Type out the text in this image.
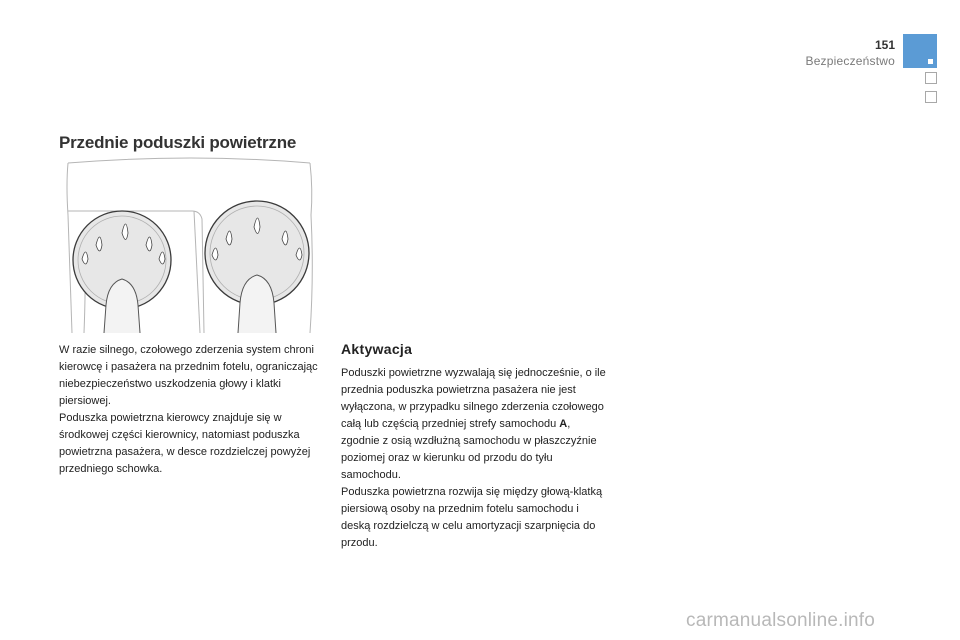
151
Bezpieczeństwo
Przednie poduszki powietrzne

W razie silnego, czołowego zderzenia system chroni kierowcę i pasażera na przednim fotelu, ograniczając niebezpieczeństwo uszkodzenia głowy i klatki piersiowej.

Poduszka powietrzna kierowcy znajduje się w środkowej części kierownicy, natomiast poduszka powietrzna pasażera, w desce rozdzielczej powyżej przedniego schowka.

Aktywacja

Poduszki powietrzne wyzwalają się jednocześnie, o ile przednia poduszka powietrzna pasażera nie jest wyłączona, w przypadku silnego zderzenia czołowego całą lub częścią przedniej strefy samochodu A, zgodnie z osią wzdłużną samochodu w płaszczyźnie poziomej oraz w kierunku od przodu do tyłu samochodu.

Poduszka powietrzna rozwija się między głową-klatką piersiową osoby na przednim fotelu samochodu i deską rozdzielczą w celu amortyzacji szarpnięcia do przodu.

carmanualsonline.info
